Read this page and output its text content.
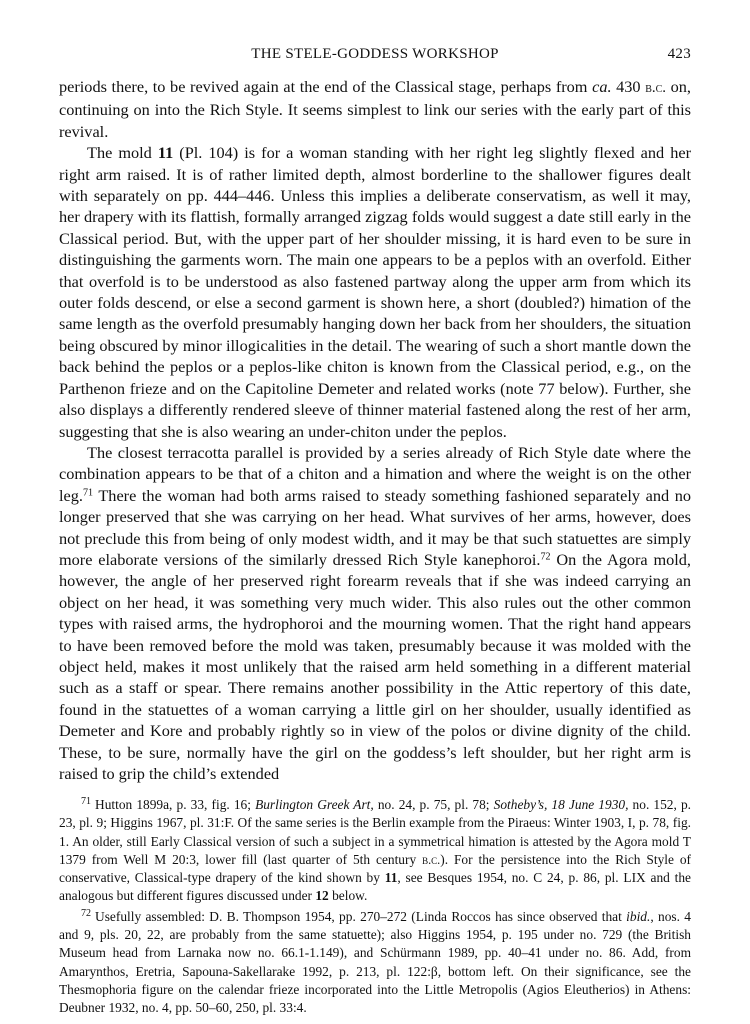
THE STELE-GODDESS WORKSHOP	423

periods there, to be revived again at the end of the Classical stage, perhaps from ca. 430 b.c. on, continuing on into the Rich Style. It seems simplest to link our series with the early part of this revival.

The mold 11 (Pl. 104) is for a woman standing with her right leg slightly flexed and her right arm raised. It is of rather limited depth, almost borderline to the shallower figures dealt with separately on pp. 444–446. Unless this implies a deliberate conservatism, as well it may, her drapery with its flattish, formally arranged zigzag folds would suggest a date still early in the Classical period. But, with the upper part of her shoulder missing, it is hard even to be sure in distinguishing the garments worn. The main one appears to be a peplos with an overfold. Either that overfold is to be understood as also fastened partway along the upper arm from which its outer folds descend, or else a second garment is shown here, a short (doubled?) himation of the same length as the overfold presumably hanging down her back from her shoulders, the situation being obscured by minor illogicalities in the detail. The wearing of such a short mantle down the back behind the peplos or a peplos-like chiton is known from the Classical period, e.g., on the Parthenon frieze and on the Capitoline Demeter and related works (note 77 below). Further, she also displays a differently rendered sleeve of thinner material fastened along the rest of her arm, suggesting that she is also wearing an under-chiton under the peplos.

The closest terracotta parallel is provided by a series already of Rich Style date where the combination appears to be that of a chiton and a himation and where the weight is on the other leg.$^{71}$ There the woman had both arms raised to steady something fashioned separately and no longer preserved that she was carrying on her head. What survives of her arms, however, does not preclude this from being of only modest width, and it may be that such statuettes are simply more elaborate versions of the similarly dressed Rich Style kanephoroi.$^{72}$ On the Agora mold, however, the angle of her preserved right forearm reveals that if she was indeed carrying an object on her head, it was something very much wider. This also rules out the other common types with raised arms, the hydrophoroi and the mourning women. That the right hand appears to have been removed before the mold was taken, presumably because it was molded with the object held, makes it most unlikely that the raised arm held something in a different material such as a staff or spear. There remains another possibility in the Attic repertory of this date, found in the statuettes of a woman carrying a little girl on her shoulder, usually identified as Demeter and Kore and probably rightly so in view of the polos or divine dignity of the child. These, to be sure, normally have the girl on the goddess’s left shoulder, but her right arm is raised to grip the child’s extended

$^{71}$ Hutton 1899a, p. 33, fig. 16; Burlington Greek Art, no. 24, p. 75, pl. 78; Sotheby’s, 18 June 1930, no. 152, p. 23, pl. 9; Higgins 1967, pl. 31:F. Of the same series is the Berlin example from the Piraeus: Winter 1903, I, p. 78, fig. 1. An older, still Early Classical version of such a subject in a symmetrical himation is attested by the Agora mold T 1379 from Well M 20:3, lower fill (last quarter of 5th century b.c.). For the persistence into the Rich Style of conservative, Classical-type drapery of the kind shown by 11, see Besques 1954, no. C 24, p. 86, pl. LIX and the analogous but different figures discussed under 12 below.

$^{72}$ Usefully assembled: D. B. Thompson 1954, pp. 270–272 (Linda Roccos has since observed that ibid., nos. 4 and 9, pls. 20, 22, are probably from the same statuette); also Higgins 1954, p. 195 under no. 729 (the British Museum head from Larnaka now no. 66.1-1.149), and Schürmann 1989, pp. 40–41 under no. 86. Add, from Amarynthos, Eretria, Sapouna-Sakellarake 1992, p. 213, pl. 122:β, bottom left. On their significance, see the Thesmophoria figure on the calendar frieze incorporated into the Little Metropolis (Agios Eleutherios) in Athens: Deubner 1932, no. 4, pp. 50–60, 250, pl. 33:4.
